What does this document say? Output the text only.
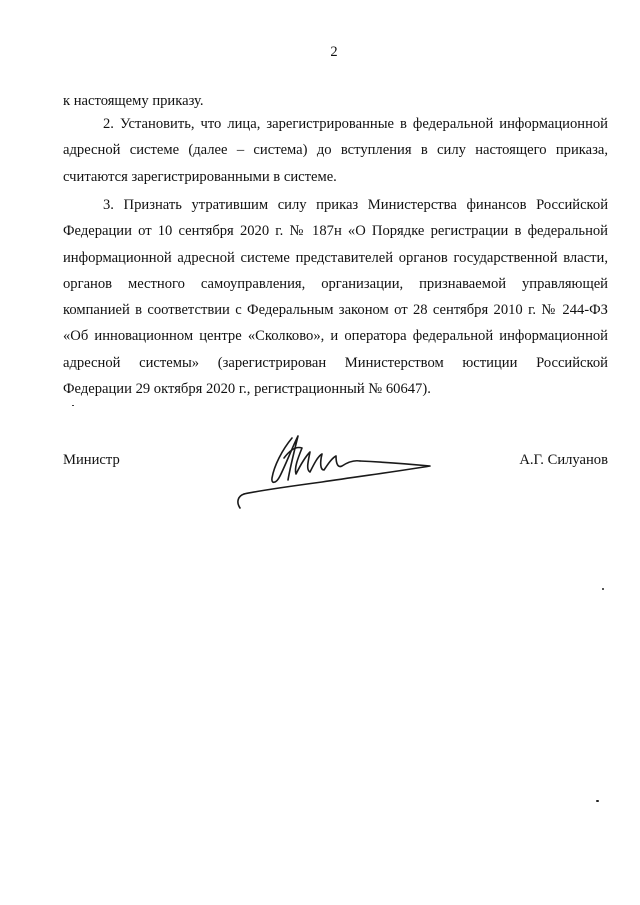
2
к настоящему приказу.
2. Установить, что лица, зарегистрированные в федеральной информационной
адресной системе (далее – система) до вступления в силу настоящего приказа,
считаются зарегистрированными в системе.
3. Признать утратившим силу приказ Министерства финансов Российской
Федерации от 10 сентября 2020 г. № 187н «О Порядке регистрации в федеральной
информационной адресной системе представителей органов государственной власти,
органов местного самоуправления, организации, признаваемой управляющей
компанией в соответствии с Федеральным законом от 28 сентября 2010 г. № 244-ФЗ
«Об инновационном центре «Сколково», и оператора федеральной информационной
адресной системы» (зарегистрирован Министерством юстиции Российской
Федерации 29 октября 2020 г., регистрационный № 60647).
Министр	А.Г. Силуанов
